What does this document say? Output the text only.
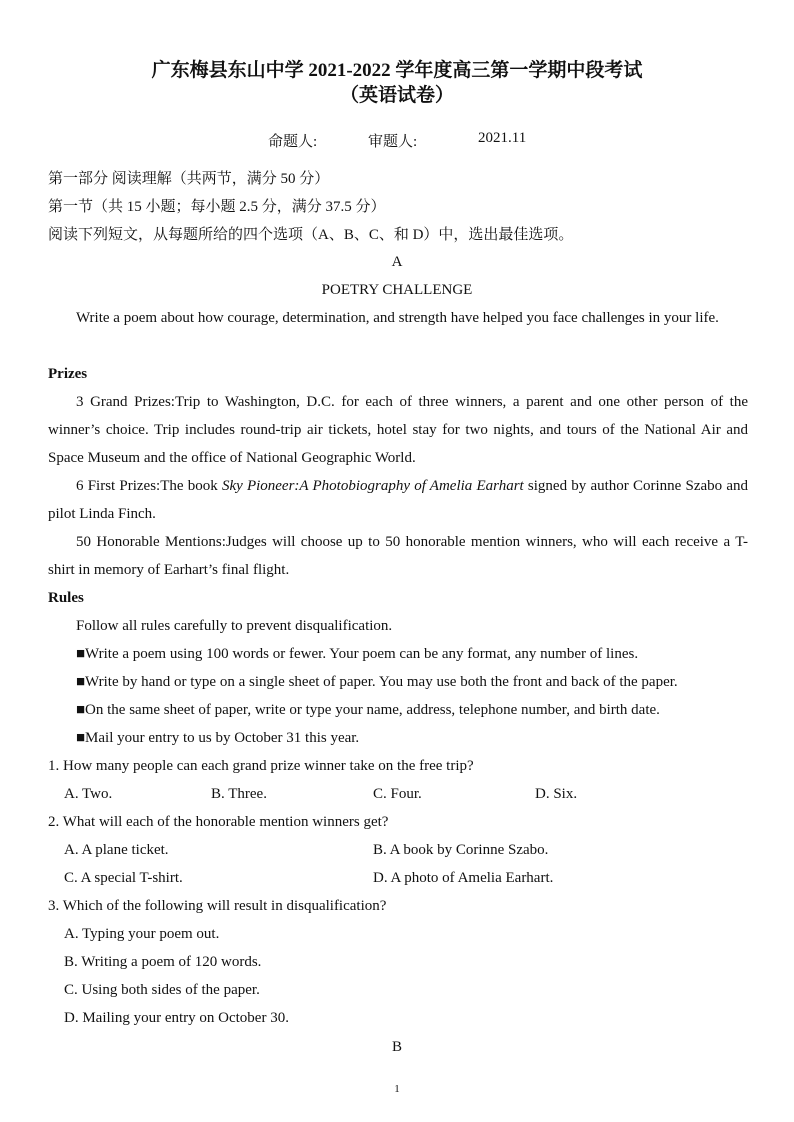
广东梅县东山中学 2021-2022 学年度高三第一学期中段考试
（英语试卷）
命题人:	审题人:	2021.11
第一部分 阅读理解（共两节，满分 50 分）
第一节（共 15 小题；每小题 2.5 分，满分 37.5 分）
阅读下列短文，从每题所给的四个选项（A、B、C、和 D）中，选出最佳选项。
A
POETRY CHALLENGE
Write a poem about how courage, determination, and strength have helped you face challenges in your life.
Prizes
3 Grand Prizes:Trip to Washington, D.C. for each of three winners, a parent and one other person of the winner’s choice. Trip includes round-trip air tickets, hotel stay for two nights, and tours of the National Air and Space Museum and the office of National Geographic World.
6 First Prizes:The book Sky Pioneer:A Photobiography of Amelia Earhart signed by author Corinne Szabo and pilot Linda Finch.
50 Honorable Mentions:Judges will choose up to 50 honorable mention winners, who will each receive a T-shirt in memory of Earhart’s final flight.
Rules
Follow all rules carefully to prevent disqualification.
■Write a poem using 100 words or fewer. Your poem can be any format, any number of lines.
■Write by hand or type on a single sheet of paper. You may use both the front and back of the paper.
■On the same sheet of paper, write or type your name, address, telephone number, and birth date.
■Mail your entry to us by October 31 this year.
1. How many people can each grand prize winner take on the free trip?
A. Two.	B. Three.	C. Four.	D. Six.
2. What will each of the honorable mention winners get?
A. A plane ticket.	B. A book by Corinne Szabo.
C. A special T-shirt.	D. A photo of Amelia Earhart.
3. Which of the following will result in disqualification?
A. Typing your poem out.
B. Writing a poem of 120 words.
C. Using both sides of the paper.
D. Mailing your entry on October 30.
B
1
